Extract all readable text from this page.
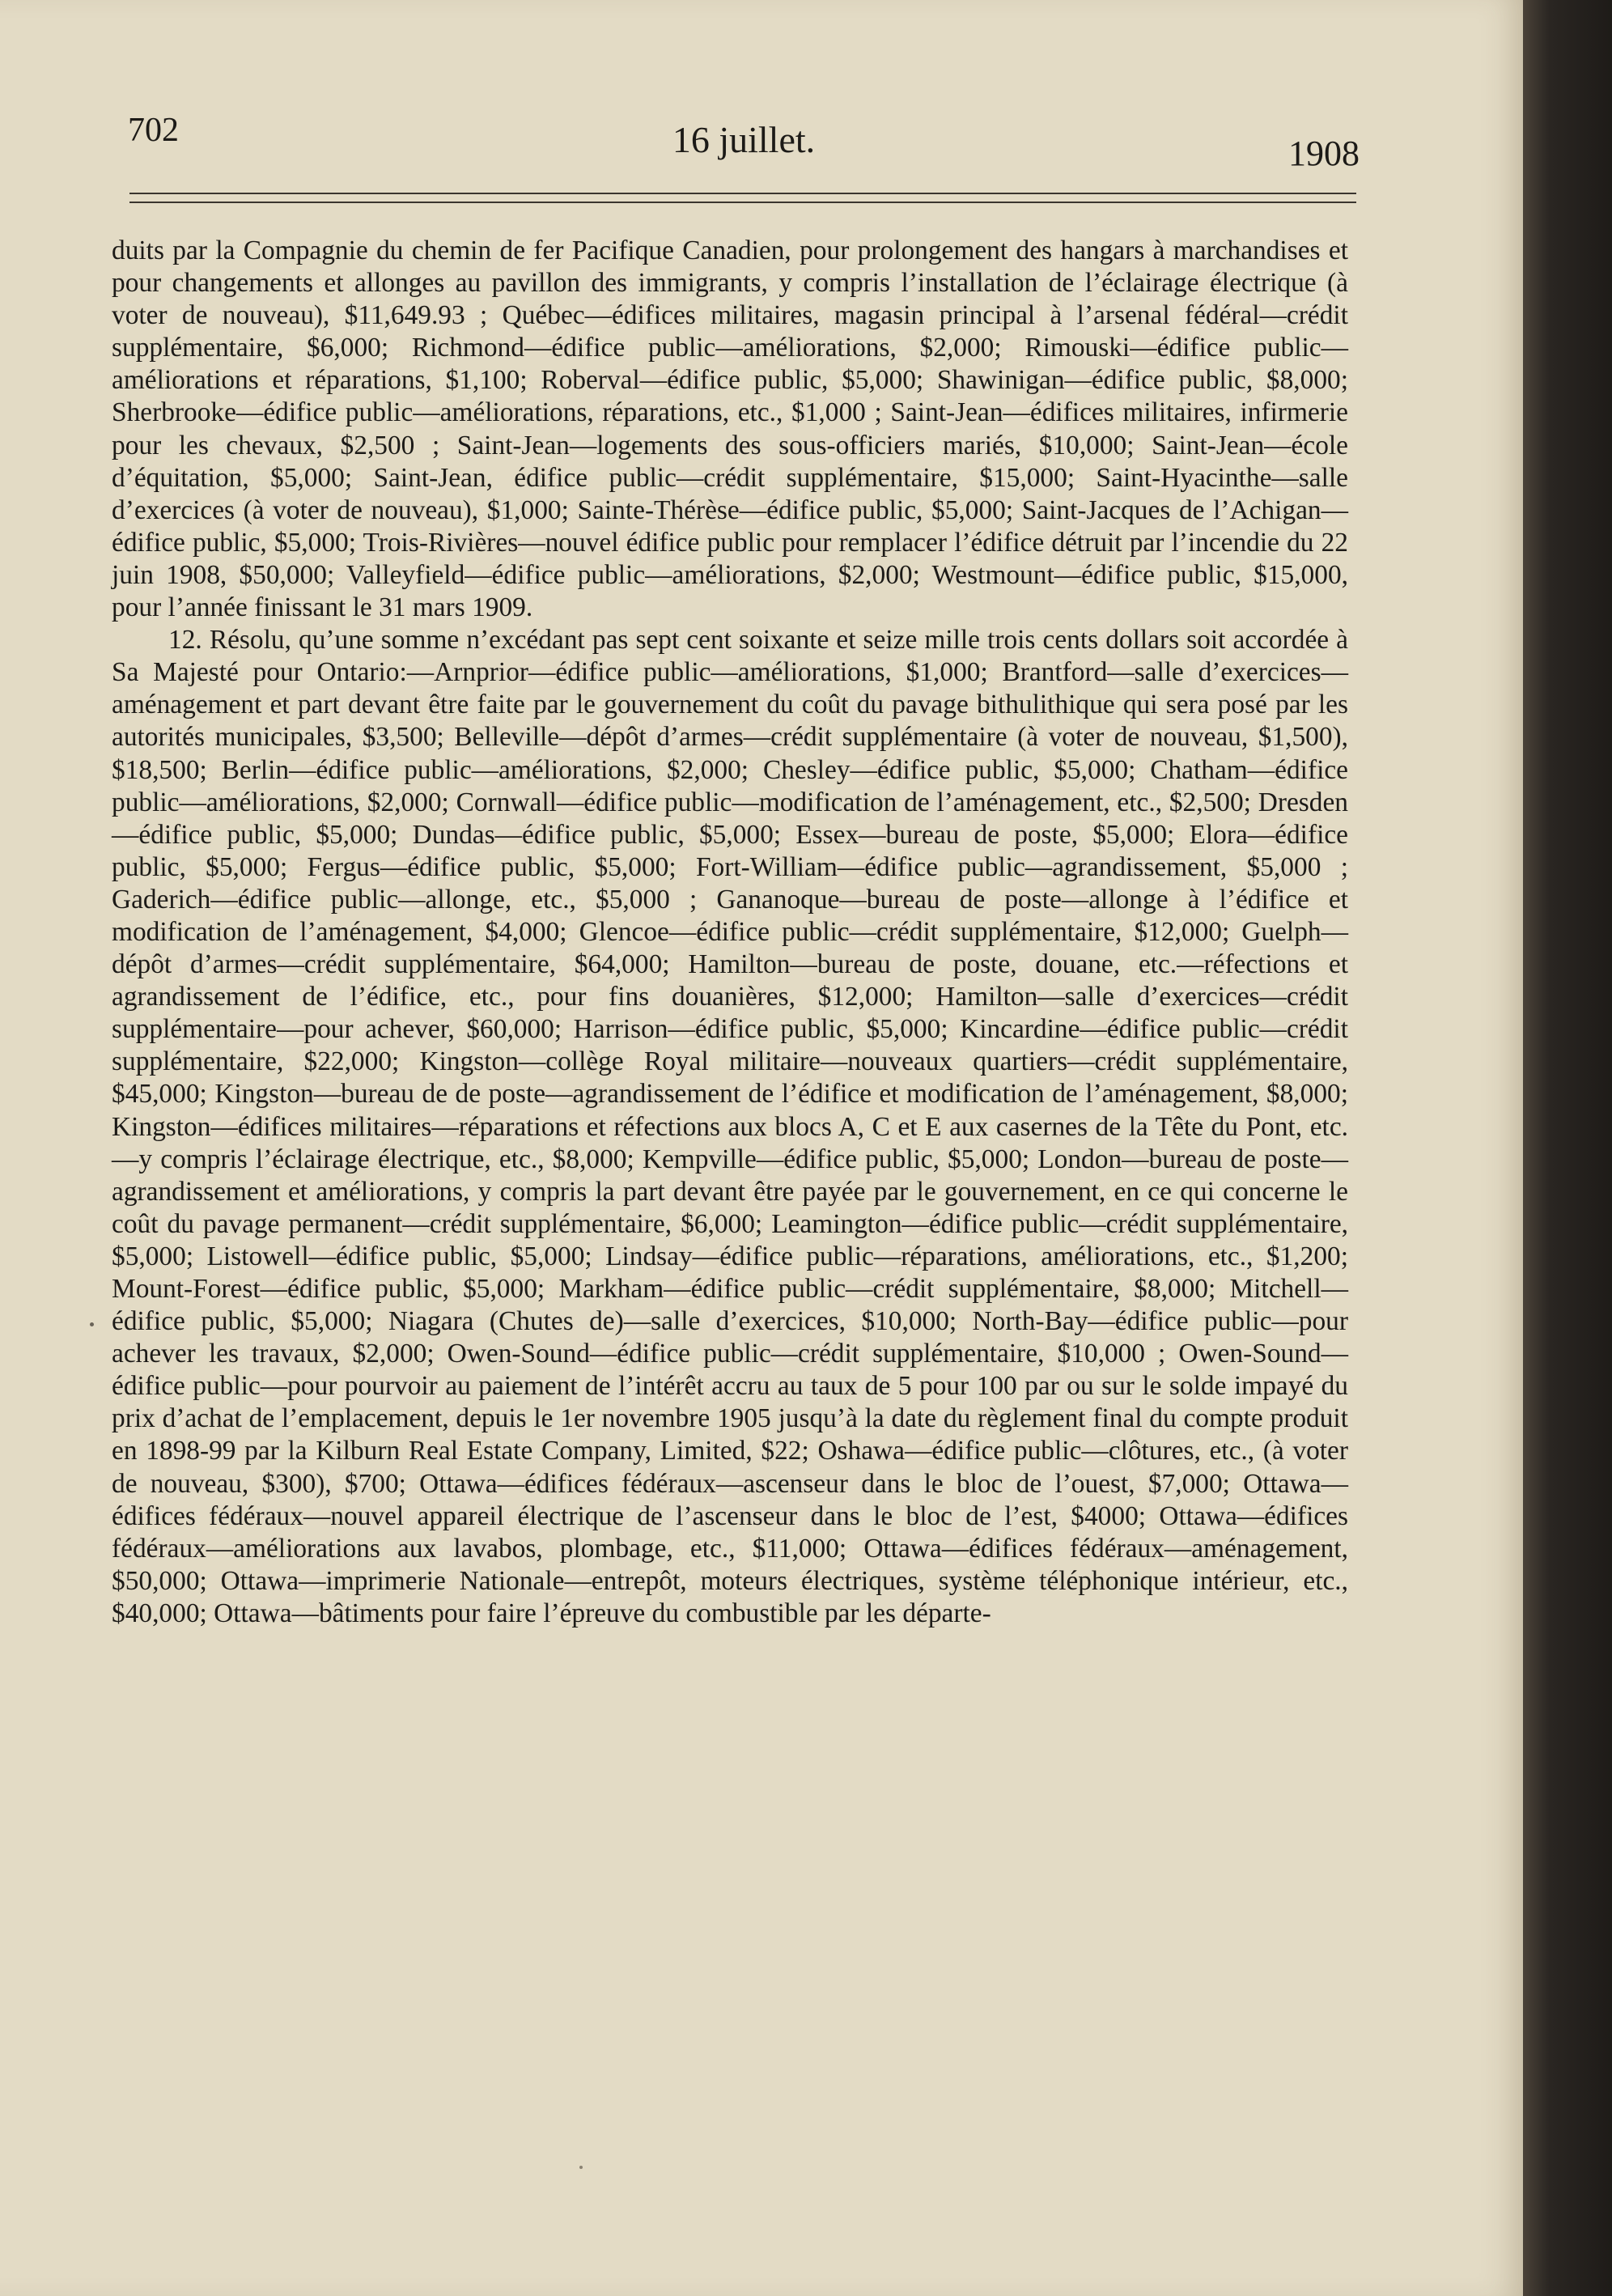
702	16 juillet.	1908

duits par la Compagnie du chemin de fer Pacifique Canadien, pour prolongement des hangars à marchandises et pour changements et allonges au pavillon des immigrants, y compris l’installation de l’éclairage électrique (à voter de nouveau), $11,649.93 ; Québec—édifices militaires, magasin principal à l’arsenal fédéral—crédit supplémentaire, $6,000; Richmond—édifice public—améliorations, $2,000; Rimouski—édifice public—améliorations et réparations, $1,100; Roberval—édifice public, $5,000; Shawinigan—édifice public, $8,000; Sherbrooke—édifice public—améliorations, réparations, etc., $1,000 ; Saint-Jean—édifices militaires, infirmerie pour les chevaux, $2,500 ; Saint-Jean—logements des sous-officiers mariés, $10,000; Saint-Jean—école d’équitation, $5,000; Saint-Jean, édifice public—crédit supplémentaire, $15,000; Saint-Hyacinthe—salle d’exercices (à voter de nouveau), $1,000; Sainte-Thérèse—édifice public, $5,000; Saint-Jacques de l’Achigan—édifice public, $5,000; Trois-Rivières—nouvel édifice public pour remplacer l’édifice détruit par l’incendie du 22 juin 1908, $50,000; Valleyfield—édifice public—améliorations, $2,000; Westmount—édifice public, $15,000, pour l’année finissant le 31 mars 1909.

12. Résolu, qu’une somme n’excédant pas sept cent soixante et seize mille trois cents dollars soit accordée à Sa Majesté pour Ontario:—Arnprior—édifice public—améliorations, $1,000; Brantford—salle d’exercices—aménagement et part devant être faite par le gouvernement du coût du pavage bithulithique qui sera posé par les autorités municipales, $3,500; Belleville—dépôt d’armes—crédit supplémentaire (à voter de nouveau, $1,500), $18,500; Berlin—édifice public—améliorations, $2,000; Chesley—édifice public, $5,000; Chatham—édifice public—améliorations, $2,000; Cornwall—édifice public—modification de l’aménagement, etc., $2,500; Dresden—édifice public, $5,000; Dundas—édifice public, $5,000; Essex—bureau de poste, $5,000; Elora—édifice public, $5,000; Fergus—édifice public, $5,000; Fort-William—édifice public—agrandissement, $5,000 ; Gaderich—édifice public—allonge, etc., $5,000 ; Gananoque—bureau de poste—allonge à l’édifice et modification de l’aménagement, $4,000; Glencoe—édifice public—crédit supplémentaire, $12,000; Guelph—dépôt d’armes—crédit supplémentaire, $64,000; Hamilton—bureau de poste, douane, etc.—réfections et agrandissement de l’édifice, etc., pour fins douanières, $12,000; Hamilton—salle d’exercices—crédit supplémentaire—pour achever, $60,000; Harrison—édifice public, $5,000; Kincardine—édifice public—crédit supplémentaire, $22,000; Kingston—collège Royal militaire—nouveaux quartiers—crédit supplémentaire, $45,000; Kingston—bureau de de poste—agrandissement de l’édifice et modification de l’aménagement, $8,000; Kingston—édifices militaires—réparations et réfections aux blocs A, C et E aux casernes de la Tête du Pont, etc.—y compris l’éclairage électrique, etc., $8,000; Kempville—édifice public, $5,000; London—bureau de poste—agrandissement et améliorations, y compris la part devant être payée par le gouvernement, en ce qui concerne le coût du pavage permanent—crédit supplémentaire, $6,000; Leamington—édifice public—crédit supplémentaire, $5,000; Listowell—édifice public, $5,000; Lindsay—édifice public—réparations, améliorations, etc., $1,200; Mount-Forest—édifice public, $5,000; Markham—édifice public—crédit supplémentaire, $8,000; Mitchell—édifice public, $5,000; Niagara (Chutes de)—salle d’exercices, $10,000; North-Bay—édifice public—pour achever les travaux, $2,000; Owen-Sound—édifice public—crédit supplémentaire, $10,000 ; Owen-Sound—édifice public—pour pourvoir au paiement de l’intérêt accru au taux de 5 pour 100 par ou sur le solde impayé du prix d’achat de l’emplacement, depuis le 1er novembre 1905 jusqu’à la date du règlement final du compte produit en 1898-99 par la Kilburn Real Estate Company, Limited, $22; Oshawa—édifice public—clôtures, etc., (à voter de nouveau, $300), $700; Ottawa—édifices fédéraux—ascenseur dans le bloc de l’ouest, $7,000; Ottawa—édifices fédéraux—nouvel appareil électrique de l’ascenseur dans le bloc de l’est, $4000; Ottawa—édifices fédéraux—améliorations aux lavabos, plombage, etc., $11,000; Ottawa—édifices fédéraux—aménagement, $50,000; Ottawa—imprimerie Nationale—entrepôt, moteurs électriques, système téléphonique intérieur, etc., $40,000; Ottawa—bâtiments pour faire l’épreuve du combustible par les départe-
